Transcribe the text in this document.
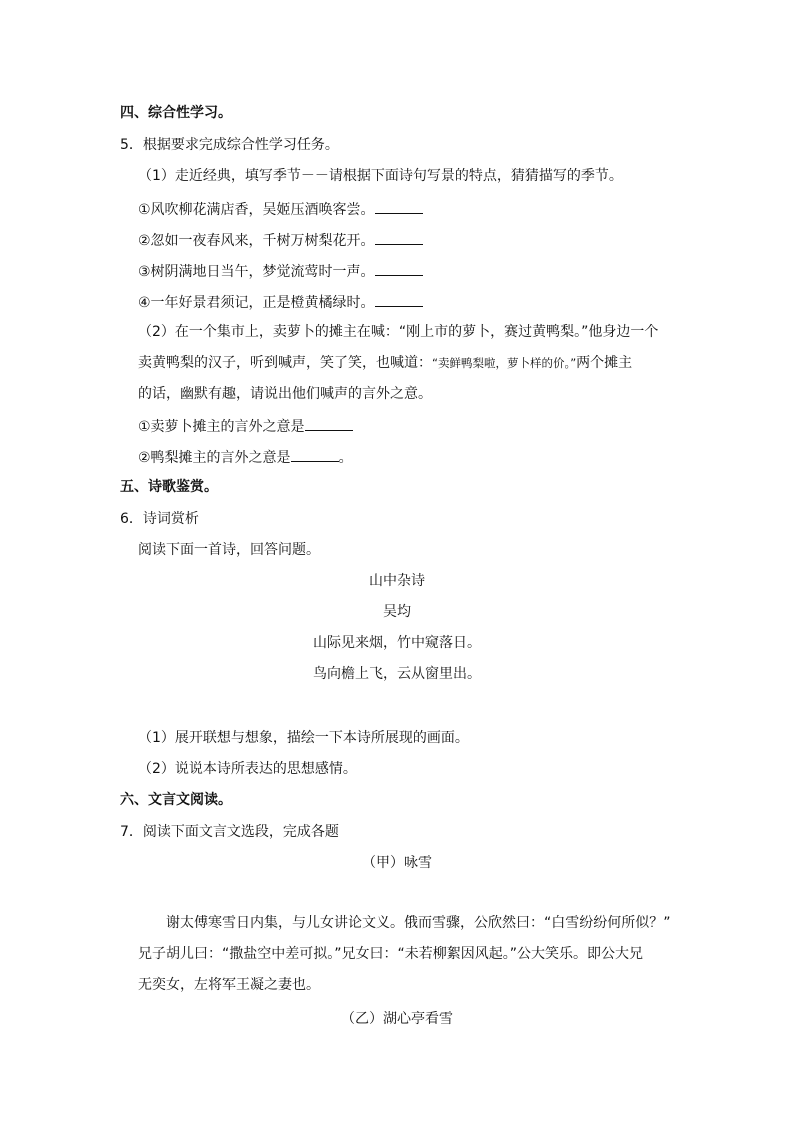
四、综合性学习。
5．根据要求完成综合性学习任务。
（1）走近经典，填写季节－－请根据下面诗句写景的特点，猜猜描写的季节。
①风吹柳花满店香，吴姬压酒唤客尝。
②忽如一夜春风来，千树万树梨花开。
③树阴满地日当午，梦觉流莺时一声。
④一年好景君须记，正是橙黄橘绿时。
（2）在一个集市上，卖萝卜的摊主在喊：“刚上市的萝卜，赛过黄鸭梨。”他身边一个
卖黄鸭梨的汉子，听到喊声，笑了笑，也喊道：“卖鲜鸭梨啦，萝卜样的价。”两个摊主
的话，幽默有趣，请说出他们喊声的言外之意。
①卖萝卜摊主的言外之意是
②鸭梨摊主的言外之意是	。
五、诗歌鉴赏。
6．诗词赏析
阅读下面一首诗，回答问题。
山中杂诗
吴均
山际见来烟，竹中窥落日。
鸟向檐上飞，云从窗里出。
（1）展开联想与想象，描绘一下本诗所展现的画面。
（2）说说本诗所表达的思想感情。
六、文言文阅读。
7．阅读下面文言文选段，完成各题
（甲）咏雪
谢太傅寒雪日内集，与儿女讲论文义。俄而雪骤，公欣然曰：“白雪纷纷何所似？”
兄子胡儿曰：“撒盐空中差可拟。”兄女曰：“未若柳絮因风起。”公大笑乐。即公大兄
无奕女，左将军王凝之妻也。
（乙）湖心亭看雪
